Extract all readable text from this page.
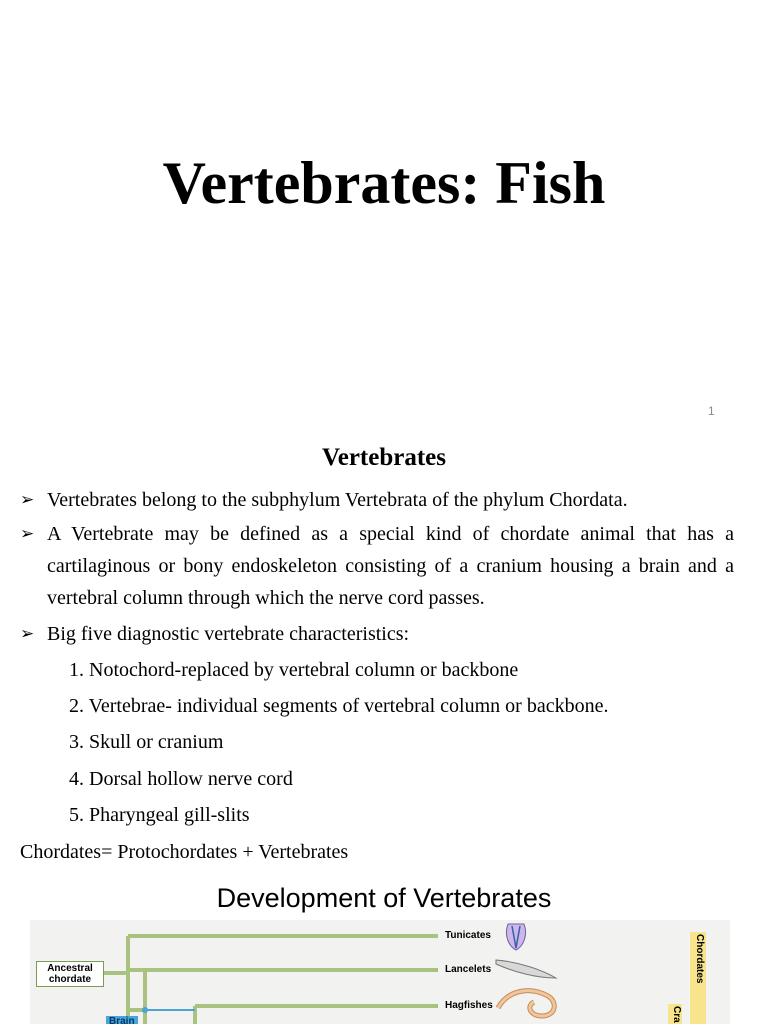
Vertebrates: Fish
1
Vertebrates
➢ Vertebrates belong to the subphylum Vertebrata of the phylum Chordata.
➢ A Vertebrate may be defined as a special kind of chordate animal that has a cartilaginous or bony endoskeleton consisting of a cranium housing a brain and a vertebral column through which the nerve cord passes.
➢ Big five diagnostic vertebrate characteristics:
1. Notochord-replaced by vertebral column or backbone
2. Vertebrae- individual segments of vertebral column or backbone.
3. Skull or cranium
4. Dorsal hollow nerve cord
5. Pharyngeal gill-slits
Chordates= Protochordates + Vertebrates
Development of Vertebrates
Ancestral chordate
Brain
Tunicates
Lancelets
Hagfishes
Chordates
Cra
